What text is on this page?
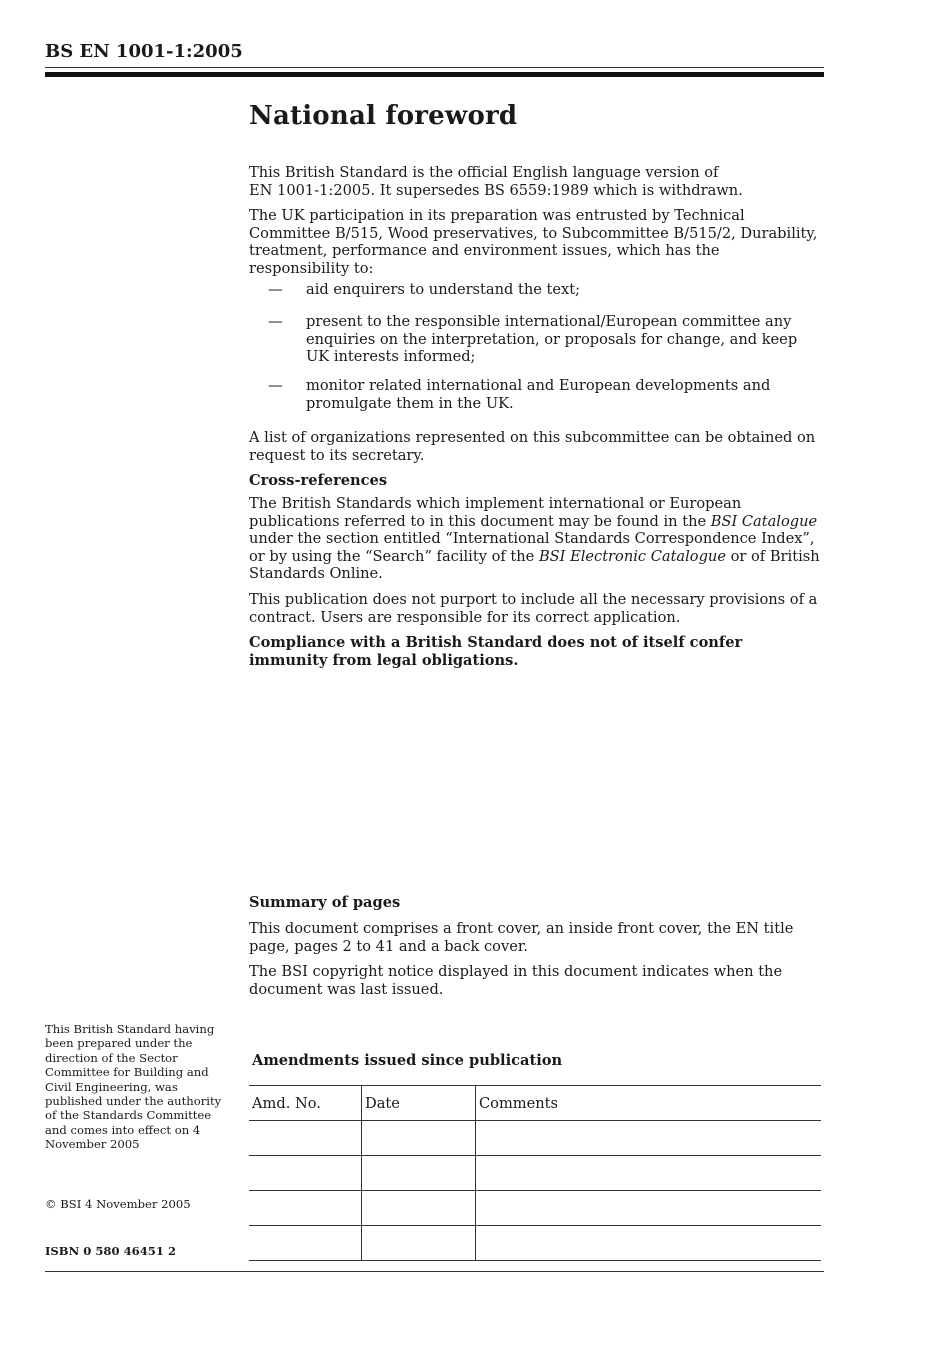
BS EN 1001-1:2005
National foreword

This British Standard is the official English language version of

EN 1001-1:2005. It supersedes BS 6559:1989 which is withdrawn.

The UK participation in its preparation was entrusted by Technical Committee B/515, Wood preservatives, to Subcommittee B/515/2, Durability, treatment, performance and environment issues, which has the responsibility to:
— aid enquirers to understand the text;
— present to the responsible international/European committee any enquiries on the interpretation, or proposals for change, and keep UK interests informed;
— monitor related international and European developments and promulgate them in the UK.
A list of organizations represented on this subcommittee can be obtained on request to its secretary.
Cross-references
The British Standards which implement international or European publications referred to in this document may be found in the BSI Catalogue under the section entitled “International Standards Correspondence Index”, or by using the “Search” facility of the BSI Electronic Catalogue or of British Standards Online.
This publication does not purport to include all the necessary provisions of a contract. Users are responsible for its correct application.
Compliance with a British Standard does not of itself confer immunity from legal obligations.
Summary of pages
This document comprises a front cover, an inside front cover, the EN title page, pages 2 to 41 and a back cover.
The BSI copyright notice displayed in this document indicates when the document was last issued.
This British Standard having been prepared under the direction of the Sector Committee for Building and Civil Engineering, was published under the authority of the Standards Committee and comes into effect on 4 November 2005
© BSI 4 November 2005
ISBN 0 580 46451 2
Amendments issued since publication
Amd. No.	Date	Comments
